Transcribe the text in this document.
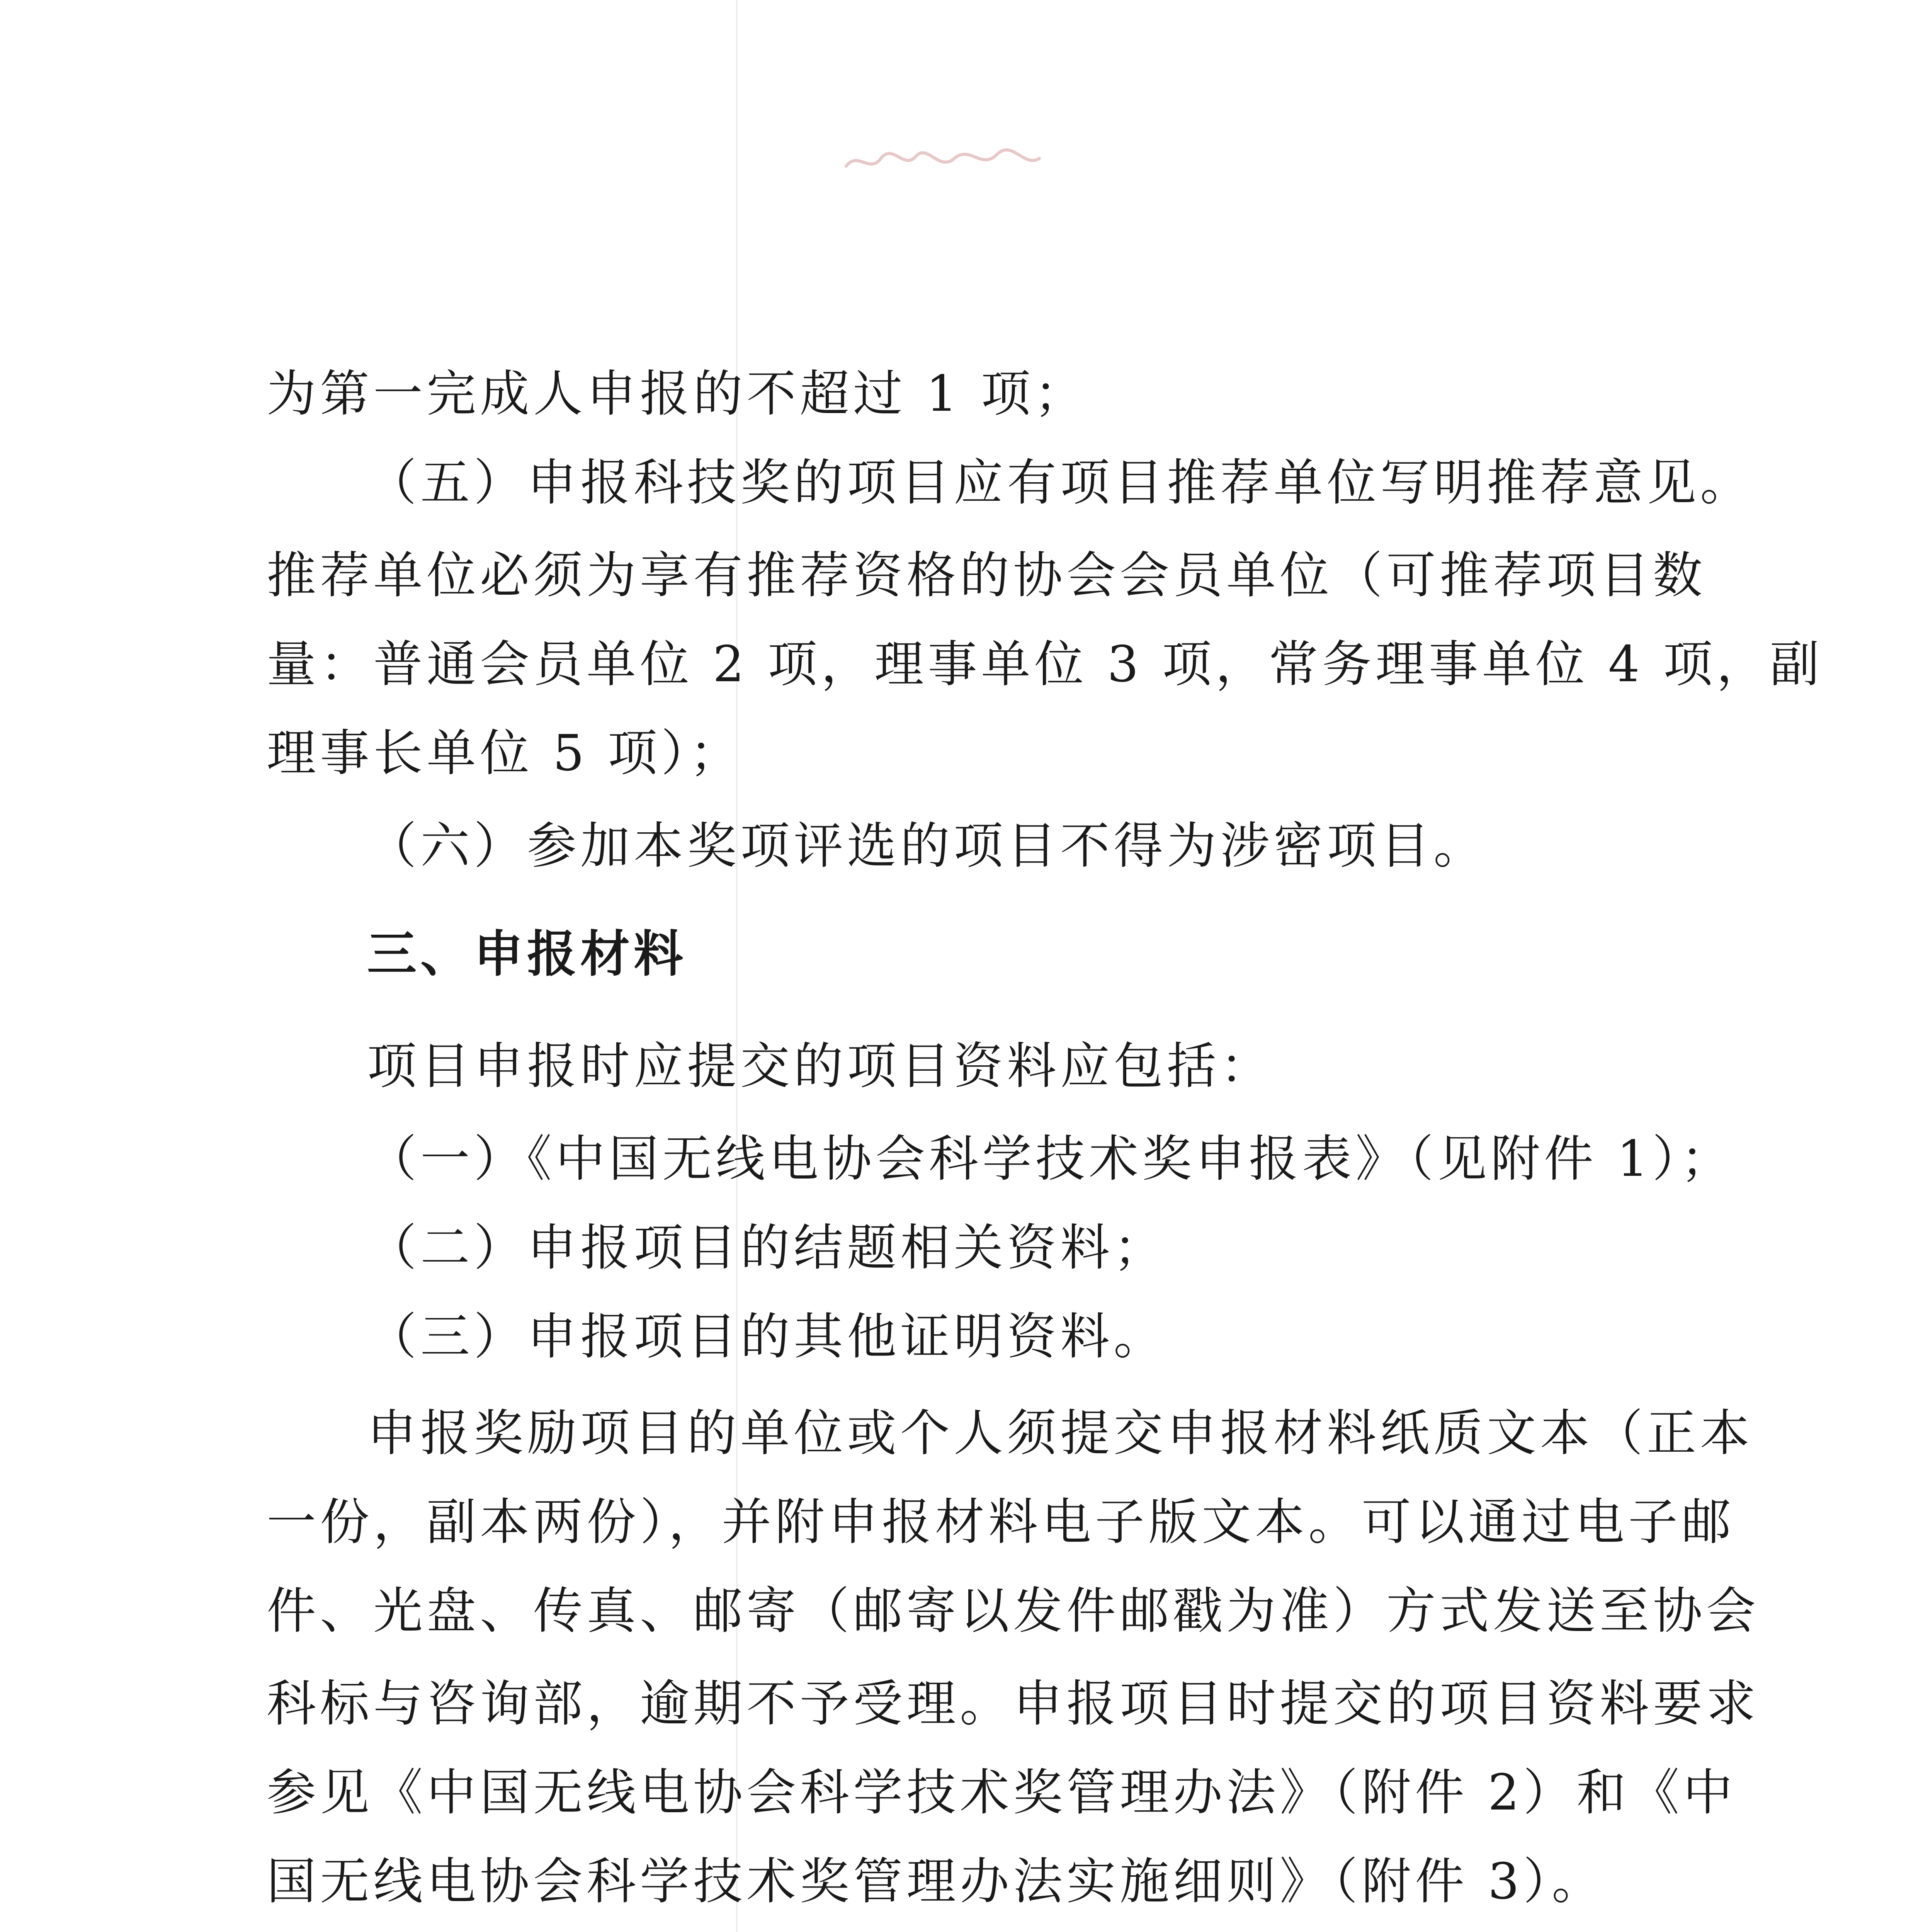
为第一完成人申报的不超过 1 项；
（五）申报科技奖的项目应有项目推荐单位写明推荐意见。
推荐单位必须为享有推荐资格的协会会员单位（可推荐项目数
量：普通会员单位 2 项，理事单位 3 项，常务理事单位 4 项，副
理事长单位 5 项）；
（六）参加本奖项评选的项目不得为涉密项目。
三、申报材料
项目申报时应提交的项目资料应包括：
（一）《中国无线电协会科学技术奖申报表》（见附件 1）；
（二）申报项目的结题相关资料；
（三）申报项目的其他证明资料。
申报奖励项目的单位或个人须提交申报材料纸质文本（正本
一份，副本两份），并附申报材料电子版文本。可以通过电子邮
件、光盘、传真、邮寄（邮寄以发件邮戳为准）方式发送至协会
科标与咨询部，逾期不予受理。申报项目时提交的项目资料要求
参见《中国无线电协会科学技术奖管理办法》（附件 2）和《中
国无线电协会科学技术奖管理办法实施细则》（附件 3）。
